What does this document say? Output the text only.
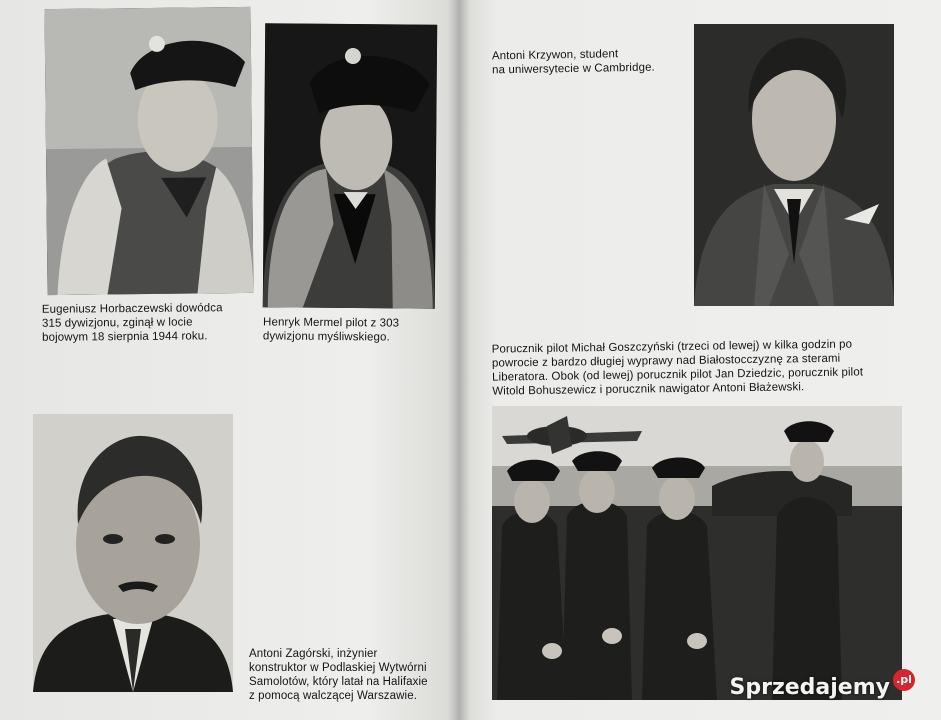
Eugeniusz Horbaczewski dowódca
315 dywizjonu, zginął w locie
bojowym 18 sierpnia 1944 roku.
Henryk Mermel pilot z 303
dywizjonu myśliwskiego.
Antoni Zagórski, inżynier
konstruktor w Podlaskiej Wytwórni
Samolotów, który latał na Halifaxie
z pomocą walczącej Warszawie.
Antoni Krzywon, student
na uniwersytecie w Cambridge.
Porucznik pilot Michał Goszczyński (trzeci od lewej) w kilka godzin po
powrocie z bardzo długiej wyprawy nad Białostocczyznę za sterami
Liberatora. Obok (od lewej) porucznik pilot Jan Dziedzic, porucznik pilot
Witold Bohuszewicz i porucznik nawigator Antoni Błażewski.
Sprzedajemy .pl
